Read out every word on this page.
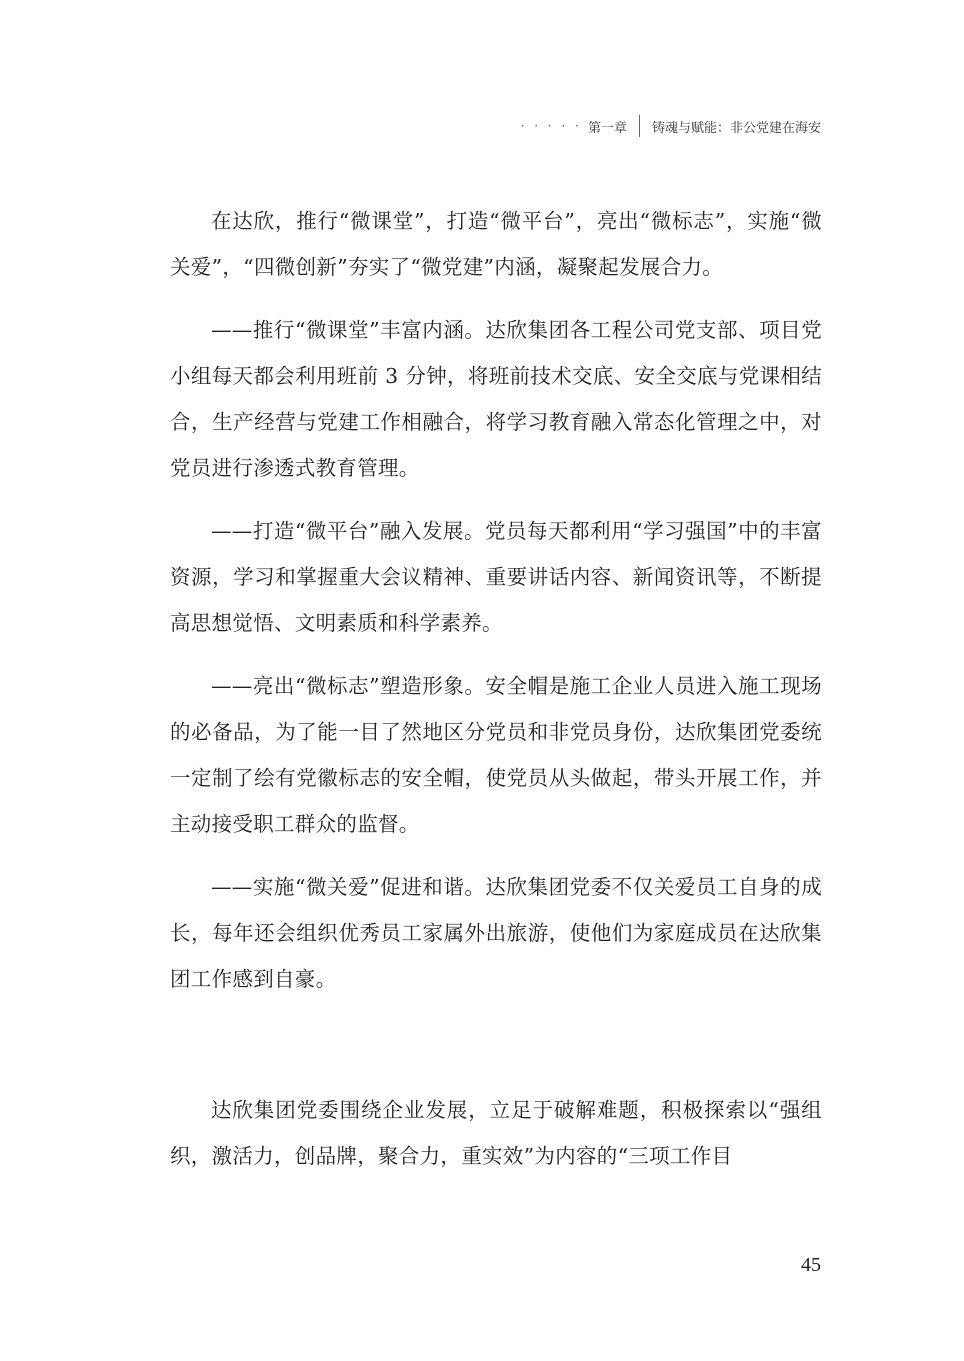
· · · · · 第一章 铸魂与赋能：非公党建在海安

在达欣，推行“微课堂”，打造“微平台”，亮出“微标志”，实施“微关爱”，“四微创新”夯实了“微党建”内涵，凝聚起发展合力。

——推行“微课堂”丰富内涵。达欣集团各工程公司党支部、项目党小组每天都会利用班前 3 分钟，将班前技术交底、安全交底与党课相结合，生产经营与党建工作相融合，将学习教育融入常态化管理之中，对党员进行渗透式教育管理。

——打造“微平台”融入发展。党员每天都利用“学习强国”中的丰富资源，学习和掌握重大会议精神、重要讲话内容、新闻资讯等，不断提高思想觉悟、文明素质和科学素养。

——亮出“微标志”塑造形象。安全帽是施工企业人员进入施工现场的必备品，为了能一目了然地区分党员和非党员身份，达欣集团党委统一定制了绘有党徽标志的安全帽，使党员从头做起，带头开展工作，并主动接受职工群众的监督。

——实施“微关爱”促进和谐。达欣集团党委不仅关爱员工自身的成长，每年还会组织优秀员工家属外出旅游，使他们为家庭成员在达欣集团工作感到自豪。

达欣集团党委围绕企业发展，立足于破解难题，积极探索以“强组织，激活力，创品牌，聚合力，重实效”为内容的“三项工作目

45
